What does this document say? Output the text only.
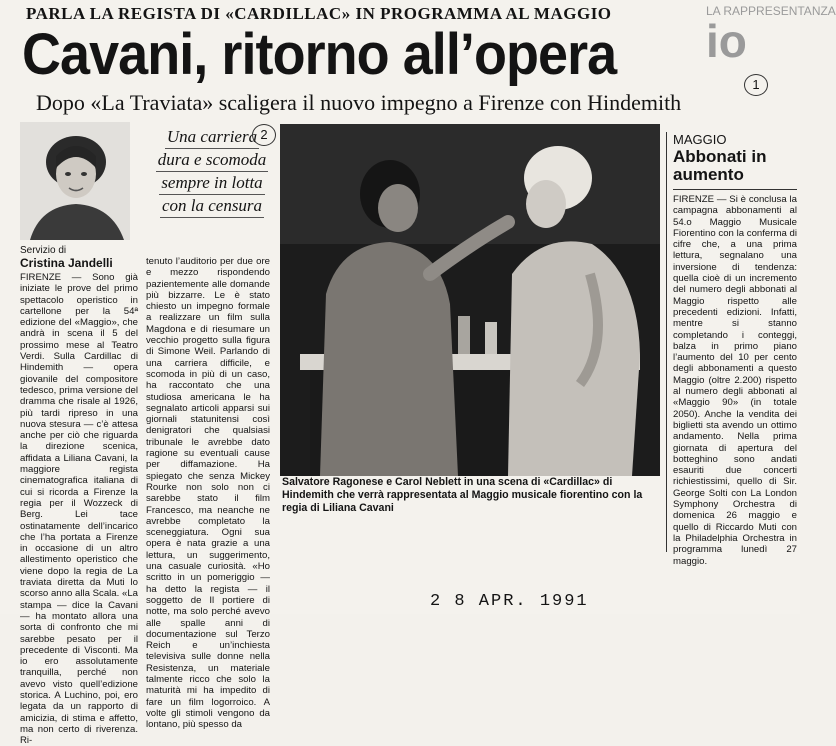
PARLA LA REGISTA DI «CARDILLAC» IN PROGRAMMA AL MAGGIO	LA RAPPRESENTANZA
io
Cavani, ritorno all’opera	1
Dopo «La Traviata» scaligera il nuovo impegno a Firenze con Hindemith
Servizio di
Cristina Jandelli

FIRENZE — Sono già iniziate le prove del primo spettacolo operistico in cartellone per la 54ª edizione del «Maggio», che andrà in scena il 5 del prossimo mese al Teatro Verdi. Sulla Cardillac di Hindemith — opera giovanile del compositore tedesco, prima versione del dramma che risale al 1926, più tardi ripreso in una nuova stesura — c’è attesa anche per ciò che riguarda la direzione scenica, affidata a Liliana Cavani, la maggiore regista cinematografica italiana di cui si ricorda a Firenze la regia per il Wozzeck di Berg. Lei tace ostinatamente dell’incarico che l’ha portata a Firenze in occasione di un altro allestimento operistico che viene dopo la regia de La traviata diretta da Muti lo scorso anno alla Scala. «La stampa — dice la Cavani — ha montato allora una sorta di confronto che mi sarebbe pesato per il precedente di Visconti. Ma io ero assolutamente tranquilla, perché non avevo visto quell’edizione storica. A Luchino, poi, ero legata da un rapporto di amicizia, di stima e affetto, ma non certo di riverenza. Ri-

Una carriera
dura e scomoda
sempre in lotta
con la censura
2

tenuto l’auditorio per due ore e mezzo rispondendo pazientemente alle domande più bizzarre. Le è stato chiesto un impegno formale a realizzare un film sulla Magdona e di riesumare un vecchio progetto sulla figura di Simone Weil. Parlando di una carriera difficile, e scomoda in più di un caso, ha raccontato che una studiosa americana le ha segnalato articoli apparsi sui giornali statunitensi così denigratori che qualsiasi tribunale le avrebbe dato ragione su eventuali cause per diffamazione. Ha spiegato che senza Mickey Rourke non solo non ci sarebbe stato il film Francesco, ma neanche ne avrebbe completato la sceneggiatura. Ogni sua opera è nata grazie a una lettura, un suggerimento, una casuale curiosità. «Ho scritto in un pomeriggio — ha detto la regista — il soggetto de Il portiere di notte, ma solo perché avevo alle spalle anni di documentazione sul Terzo Reich e un’inchiesta televisiva sulle donne nella Resistenza, un materiale talmente ricco che solo la maturità mi ha impedito di fare un film logorroico. A volte gli stimoli vengono da lontano, più spesso da

Salvatore Ragonese e Carol Neblett in una scena di «Cardillac» di Hindemith che verrà rappresentata al Maggio musicale fiorentino con la regia di Liliana Cavani
MAGGIO
Abbonati in aumento
FIRENZE — Si è conclusa la campagna abbonamenti al 54.o Maggio Musicale Fiorentino con la conferma di cifre che, a una prima lettura, segnalano una inversione di tendenza: quella cioè di un incremento del numero degli abbonati al Maggio rispetto alle precedenti edizioni. Infatti, mentre si stanno completando i conteggi, balza in primo piano l’aumento del 10 per cento degli abbonamenti a questo Maggio (oltre 2.200) rispetto al numero degli abbonati al «Maggio 90» (in totale 2050). Anche la vendita dei biglietti sta avendo un ottimo andamento. Nella prima giornata di apertura del botteghino sono andati esauriti due concerti richiestissimi, quello di Sir. George Solti con La London Symphony Orchestra di domenica 26 maggio e quello di Riccardo Muti con la Philadelphia Orchestra in programma lunedì 27 maggio.
2 8 APR. 1991
